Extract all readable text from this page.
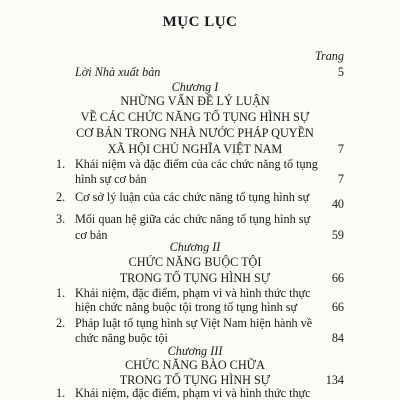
MỤC LỤC
Trang
Lời Nhà xuất bản	5
Chương I
NHỮNG VẤN ĐỀ LÝ LUẬN
VỀ CÁC CHỨC NĂNG TỐ TỤNG HÌNH SỰ
CƠ BẢN TRONG NHÀ NƯỚC PHÁP QUYỀN
XÃ HỘI CHỦ NGHĨA VIỆT NAM	7
1. Khái niệm và đặc điểm của các chức năng tố tụng
hình sự cơ bản	7
2. Cơ sở lý luận của các chức năng tố tụng hình sự 40
3. Mối quan hệ giữa các chức năng tố tụng hình sự
cơ bản	59
Chương II
CHỨC NĂNG BUỘC TỘI
TRONG TỐ TỤNG HÌNH SỰ	66
1. Khái niệm, đặc điểm, phạm vi và hình thức thực
hiện chức năng buộc tội trong tố tụng hình sự	66
2. Pháp luật tố tụng hình sự Việt Nam hiện hành về
chức năng buộc tội	84
Chương III
CHỨC NĂNG BÀO CHỮA
TRONG TỐ TỤNG HÌNH SỰ	134
1. Khái niệm, đặc điểm, phạm vi và hình thức thực
